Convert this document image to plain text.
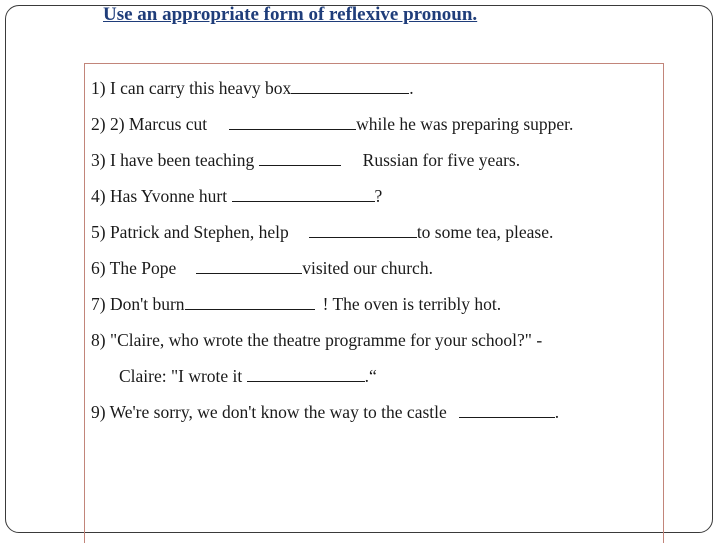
Use an appropriate form of reflexive pronoun.

1) I can carry this heavy box	.

2) 2) Marcus cut	while he was preparing supper.

3) I have been teaching	Russian for five years.

4) Has Yvonne hurt	?

5) Patrick and Stephen, help	to some tea, please.

6) The Pope	visited our church.

7) Don't burn	! The oven is terribly hot.

8) "Claire, who wrote the theatre programme for your school?" -

Claire: "I wrote it	.“

9) We're sorry, we don't know the way to the castle	.
